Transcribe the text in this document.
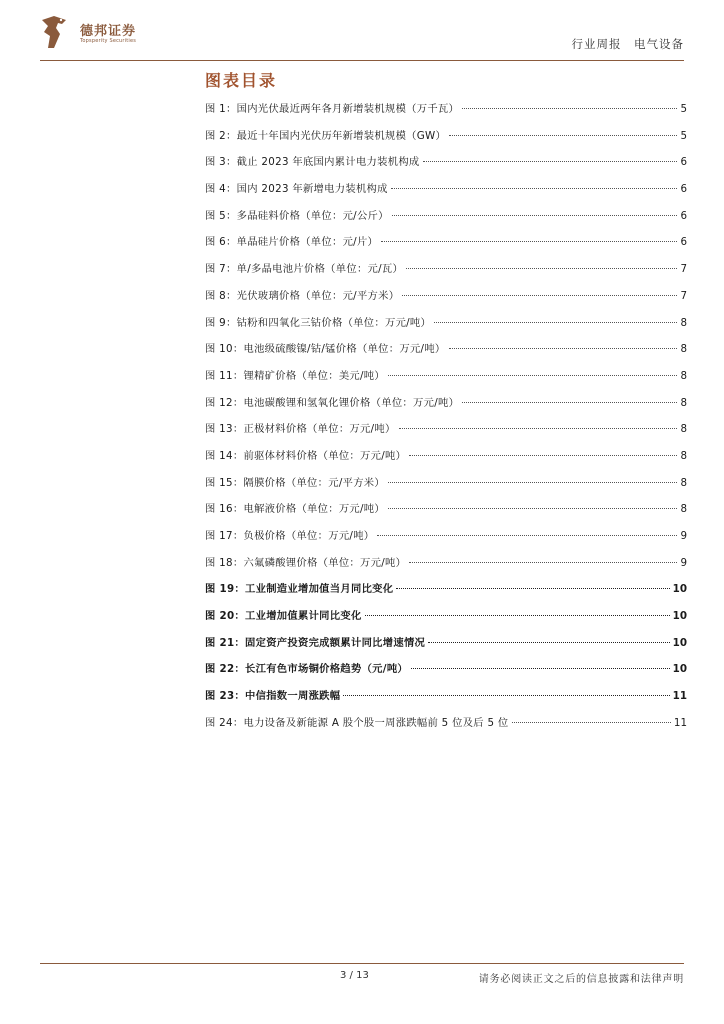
德邦证券
Topsperity Securities	行业周报　电气设备
图表目录
图 1：国内光伏最近两年各月新增装机规模（万千瓦）	5
图 2：最近十年国内光伏历年新增装机规模（GW）	5
图 3：截止 2023 年底国内累计电力装机构成	6
图 4：国内 2023 年新增电力装机构成	6
图 5：多晶硅料价格（单位：元/公斤）	6
图 6：单晶硅片价格（单位：元/片）	6
图 7：单/多晶电池片价格（单位：元/瓦）	7
图 8：光伏玻璃价格（单位：元/平方米）	7
图 9：钴粉和四氧化三钴价格（单位：万元/吨）	8
图 10：电池级硫酸镍/钴/锰价格（单位：万元/吨）	8
图 11：锂精矿价格（单位：美元/吨）	8
图 12：电池碳酸锂和氢氧化锂价格（单位：万元/吨）	8
图 13：正极材料价格（单位：万元/吨）	8
图 14：前驱体材料价格（单位：万元/吨）	8
图 15：隔膜价格（单位：元/平方米）	8
图 16：电解液价格（单位：万元/吨）	8
图 17：负极价格（单位：万元/吨）	9
图 18：六氟磷酸锂价格（单位：万元/吨）	9
图 19：工业制造业增加值当月同比变化	10
图 20：工业增加值累计同比变化	10
图 21：固定资产投资完成额累计同比增速情况	10
图 22：长江有色市场铜价格趋势（元/吨）	10
图 23：中信指数一周涨跌幅	11
图 24：电力设备及新能源 A 股个股一周涨跌幅前 5 位及后 5 位	11
3 / 13	请务必阅读正文之后的信息披露和法律声明
